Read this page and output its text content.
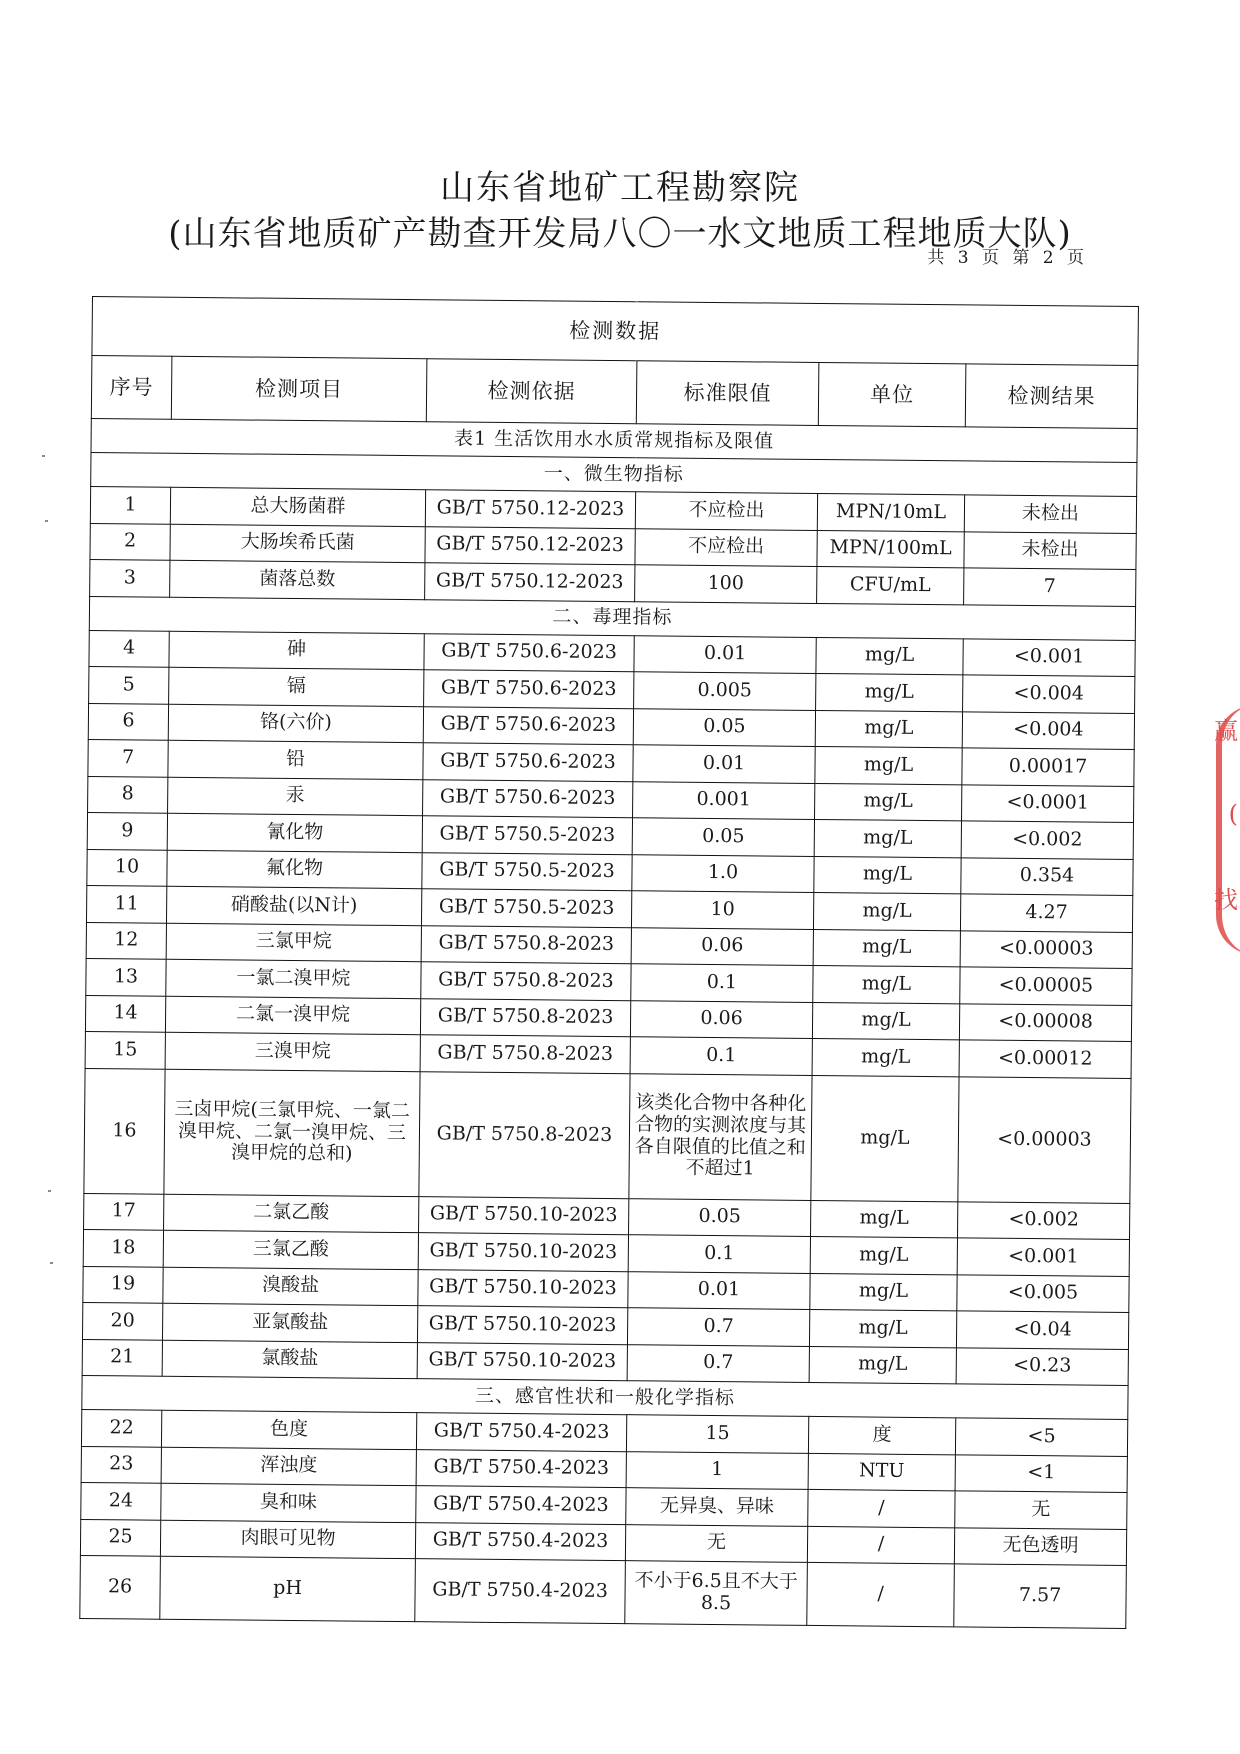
山东省地矿工程勘察院
(山东省地质矿产勘查开发局八〇一水文地质工程地质大队)
共 3 页 第 2 页
检测数据					
序号	检测项目	检测依据	标准限值	单位	检测结果
表1 生活饮用水水质常规指标及限值					
一、微生物指标					
1	总大肠菌群	GB/T 5750.12-2023	不应检出	MPN/10mL	未检出
2	大肠埃希氏菌	GB/T 5750.12-2023	不应检出	MPN/100mL	未检出
3	菌落总数	GB/T 5750.12-2023	100	CFU/mL	7
二、毒理指标					
4	砷	GB/T 5750.6-2023	0.01	mg/L	<0.001
5	镉	GB/T 5750.6-2023	0.005	mg/L	<0.004
6	铬(六价)	GB/T 5750.6-2023	0.05	mg/L	<0.004
7	铅	GB/T 5750.6-2023	0.01	mg/L	0.00017
8	汞	GB/T 5750.6-2023	0.001	mg/L	<0.0001
9	氰化物	GB/T 5750.5-2023	0.05	mg/L	<0.002
10	氟化物	GB/T 5750.5-2023	1.0	mg/L	0.354
11	硝酸盐(以N计)	GB/T 5750.5-2023	10	mg/L	4.27
12	三氯甲烷	GB/T 5750.8-2023	0.06	mg/L	<0.00003
13	一氯二溴甲烷	GB/T 5750.8-2023	0.1	mg/L	<0.00005
14	二氯一溴甲烷	GB/T 5750.8-2023	0.06	mg/L	<0.00008
15	三溴甲烷	GB/T 5750.8-2023	0.1	mg/L	<0.00012
16	三卤甲烷(三氯甲烷、一氯二溴甲烷、二氯一溴甲烷、三溴甲烷的总和)	GB/T 5750.8-2023	该类化合物中各种化合物的实测浓度与其各自限值的比值之和不超过1	mg/L	<0.00003
17	二氯乙酸	GB/T 5750.10-2023	0.05	mg/L	<0.002
18	三氯乙酸	GB/T 5750.10-2023	0.1	mg/L	<0.001
19	溴酸盐	GB/T 5750.10-2023	0.01	mg/L	<0.005
20	亚氯酸盐	GB/T 5750.10-2023	0.7	mg/L	<0.04
21	氯酸盐	GB/T 5750.10-2023	0.7	mg/L	<0.23
三、感官性状和一般化学指标					
22	色度	GB/T 5750.4-2023	15	度	<5
23	浑浊度	GB/T 5750.4-2023	1	NTU	<1
24	臭和味	GB/T 5750.4-2023	无异臭、异味	/	无
25	肉眼可见物	GB/T 5750.4-2023	无	/	无色透明
26	pH	GB/T 5750.4-2023	不小于6.5且不大于8.5	/	7.57
赢
(
找
